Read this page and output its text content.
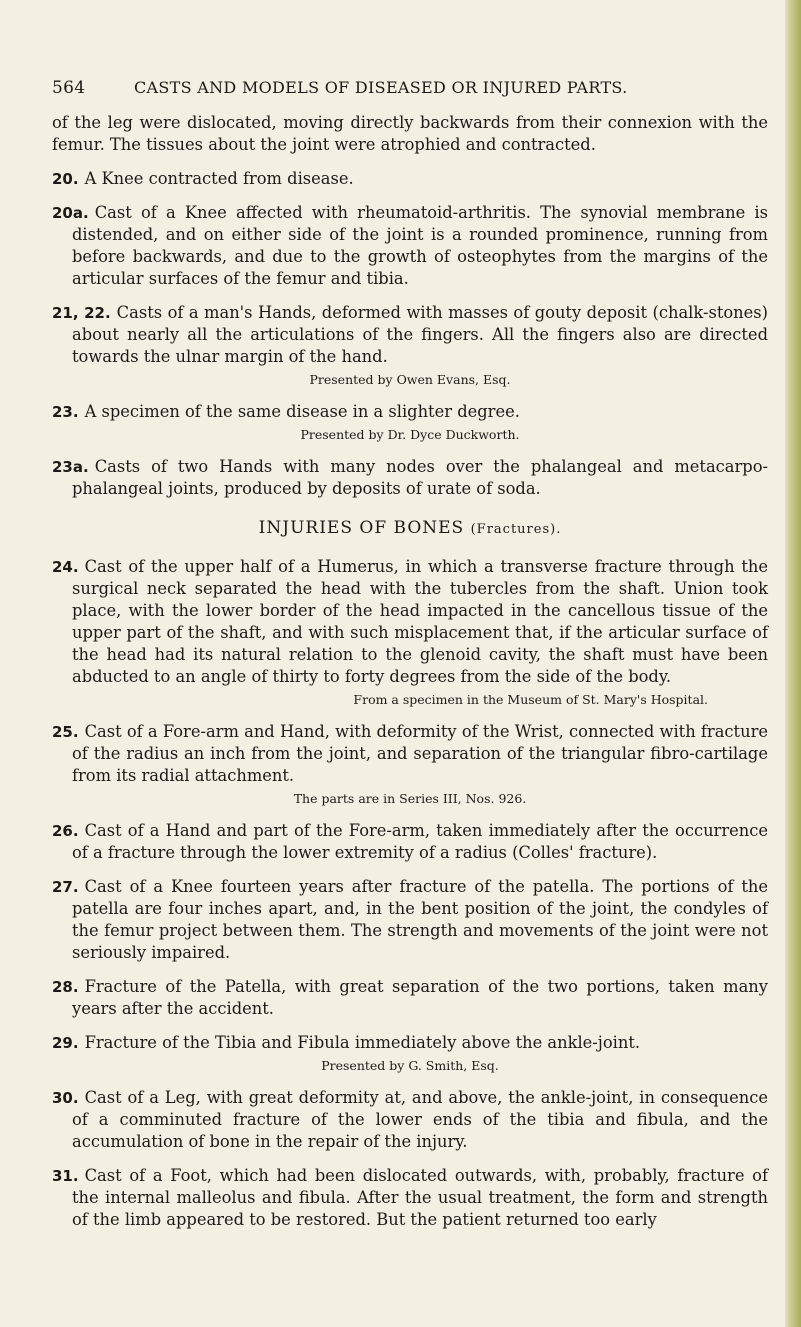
564	CASTS AND MODELS OF DISEASED OR INJURED PARTS.

of the leg were dislocated, moving directly backwards from their connexion with the femur. The tissues about the joint were atrophied and contracted.

20. A Knee contracted from disease.

20a. Cast of a Knee affected with rheumatoid-arthritis. The synovial membrane is distended, and on either side of the joint is a rounded prominence, running from before backwards, and due to the growth of osteophytes from the margins of the articular surfaces of the femur and tibia.

21, 22. Casts of a man's Hands, deformed with masses of gouty deposit (chalk-stones) about nearly all the articulations of the fingers. All the fingers also are directed towards the ulnar margin of the hand.
Presented by Owen Evans, Esq.

23. A specimen of the same disease in a slighter degree.
Presented by Dr. Dyce Duckworth.

23a. Casts of two Hands with many nodes over the phalangeal and metacarpo-phalangeal joints, produced by deposits of urate of soda.

INJURIES OF BONES (Fractures).

24. Cast of the upper half of a Humerus, in which a transverse fracture through the surgical neck separated the head with the tubercles from the shaft. Union took place, with the lower border of the head impacted in the cancellous tissue of the upper part of the shaft, and with such misplacement that, if the articular surface of the head had its natural relation to the glenoid cavity, the shaft must have been abducted to an angle of thirty to forty degrees from the side of the body.
From a specimen in the Museum of St. Mary's Hospital.

25. Cast of a Fore-arm and Hand, with deformity of the Wrist, connected with fracture of the radius an inch from the joint, and separation of the triangular fibro-cartilage from its radial attachment.
The parts are in Series III, Nos. 926.

26. Cast of a Hand and part of the Fore-arm, taken immediately after the occurrence of a fracture through the lower extremity of a radius (Colles' fracture).

27. Cast of a Knee fourteen years after fracture of the patella. The portions of the patella are four inches apart, and, in the bent position of the joint, the condyles of the femur project between them. The strength and movements of the joint were not seriously impaired.

28. Fracture of the Patella, with great separation of the two portions, taken many years after the accident.

29. Fracture of the Tibia and Fibula immediately above the ankle-joint.
Presented by G. Smith, Esq.

30. Cast of a Leg, with great deformity at, and above, the ankle-joint, in consequence of a comminuted fracture of the lower ends of the tibia and fibula, and the accumulation of bone in the repair of the injury.

31. Cast of a Foot, which had been dislocated outwards, with, probably, fracture of the internal malleolus and fibula. After the usual treatment, the form and strength of the limb appeared to be restored. But the patient returned too early
